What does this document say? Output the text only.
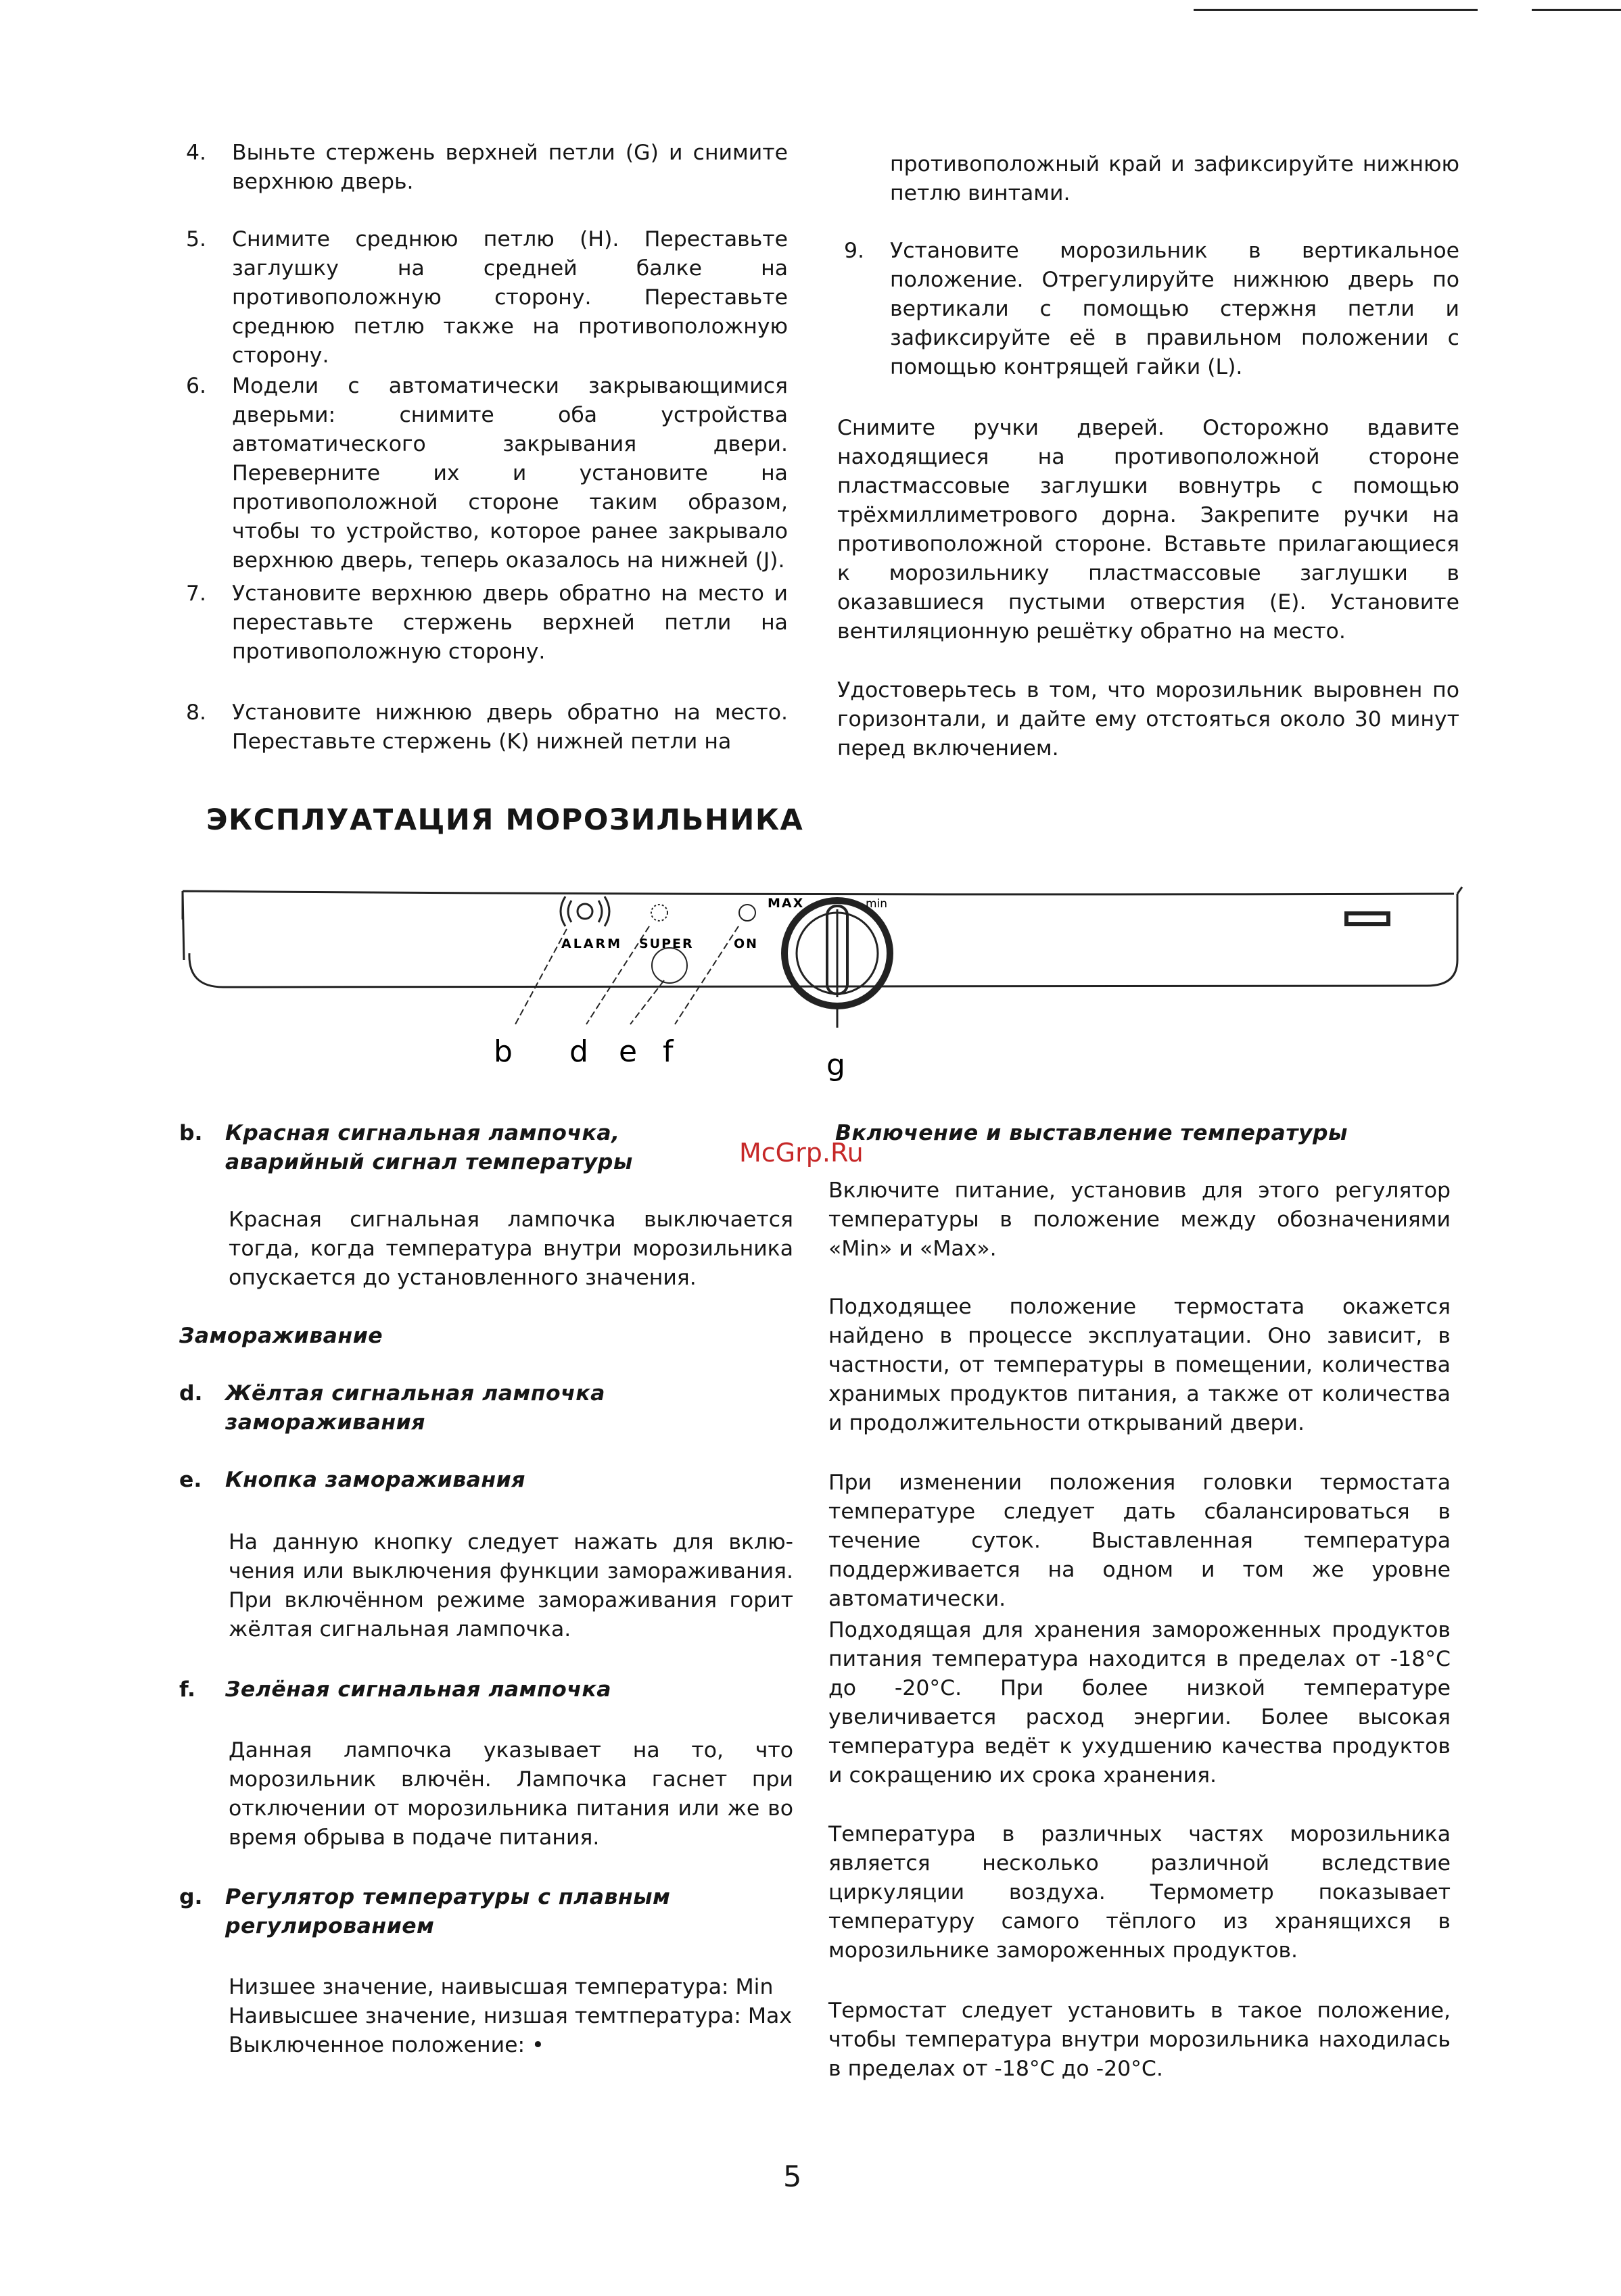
4. Выньте стержень верхней петли (G) и снимите верхнюю дверь.
5. Снимите среднюю петлю (H). Переставьте заглушку на средней балке на противоположную сторону. Переставьте среднюю петлю также на противоположную сторону.
6. Модели с автоматически закрывающимися дверьми: снимите оба устройства автоматического закрывания двери. Переверните их и установите на противоположной стороне таким образом, чтобы то устройство, которое ранее закрывало верхнюю дверь, теперь оказалось на нижней (J).
7. Установите верхнюю дверь обратно на место и переставьте стержень верхней петли на противоположную сторону.
8. Установите нижнюю дверь обратно на место. Переставьте стержень (K) нижней петли на
противоположный край и зафиксируйте нижнюю петлю винтами.
9. Установите морозильник в вертикальное положение. Отрегулируйте нижнюю дверь по вертикали с помощью стержня петли и зафиксируйте её в правильном положении с помощью контрящей гайки (L).
Снимите ручки дверей. Осторожно вдавите находящиеся на противоположной стороне пластмассовые заглушки вовнутрь с помощью трёхмиллиметрового дорна. Закрепите ручки на противоположной стороне. Вставьте прилагающиеся к морозильнику пластмассовые заглушки в оказавшиеся пустыми отверстия (E). Установите вентиляционную решётку обратно на место.
Удостоверьтесь в том, что морозильник выровнен по горизонтали, и дайте ему отстояться около 30 минут перед включением.
ЭКСПЛУАТАЦИЯ МОРОЗИЛЬНИКА
ALARM SUPER	ON
MAX	min
b d e f	g
McGrp.Ru
b. Красная сигнальная лампочка, аварийный сигнал температуры
Красная сигнальная лампочка выключается тогда, когда температура внутри морозильника опускается до установленного значения.
Замораживание
d. Жёлтая сигнальная лампочка замораживания
e. Кнопка замораживания
На данную кнопку следует нажать для вклю-чения или выключения функции замораживания. При включённом режиме замораживания горит жёлтая сигнальная лампочка.
f. Зелёная сигнальная лампочка
Данная лампочка указывает на то, что морозильник влючён. Лампочка гаснет при отключении от морозильника питания или же во время обрыва в подаче питания.
g. Регулятор температуры с плавным регулированием
Низшее значение, наивысшая температура: Min
Наивысшее значение, низшая темтпература: Max
Выключенное положение: •
Включение и выставление температуры
Включите питание, установив для этого регулятор температуры в положение между обозначениями «Min» и «Max».
Подходящее положение термостата окажется найдено в процессе эксплуатации. Оно зависит, в частности, от температуры в помещении, количества хранимых продуктов питания, а также от количества и продолжительности открываний двери.
При изменении положения головки термостата температуре следует дать сбалансироваться в течение суток. Выставленная температура поддерживается на одном и том же уровне автоматически.
Подходящая для хранения замороженных продуктов питания температура находится в пределах от -18°C до -20°C. При более низкой температуре увеличивается расход энергии. Более высокая температура ведёт к ухудшению качества продуктов и сокращению их срока хранения.
Температура в различных частях морозильника является несколько различной вследствие циркуляции воздуха. Термометр показывает температуру самого тёплого из хранящихся в морозильнике замороженных продуктов.
Термостат следует установить в такое положение, чтобы температура внутри морозильника находилась в пределах от -18°C до -20°C.
5
